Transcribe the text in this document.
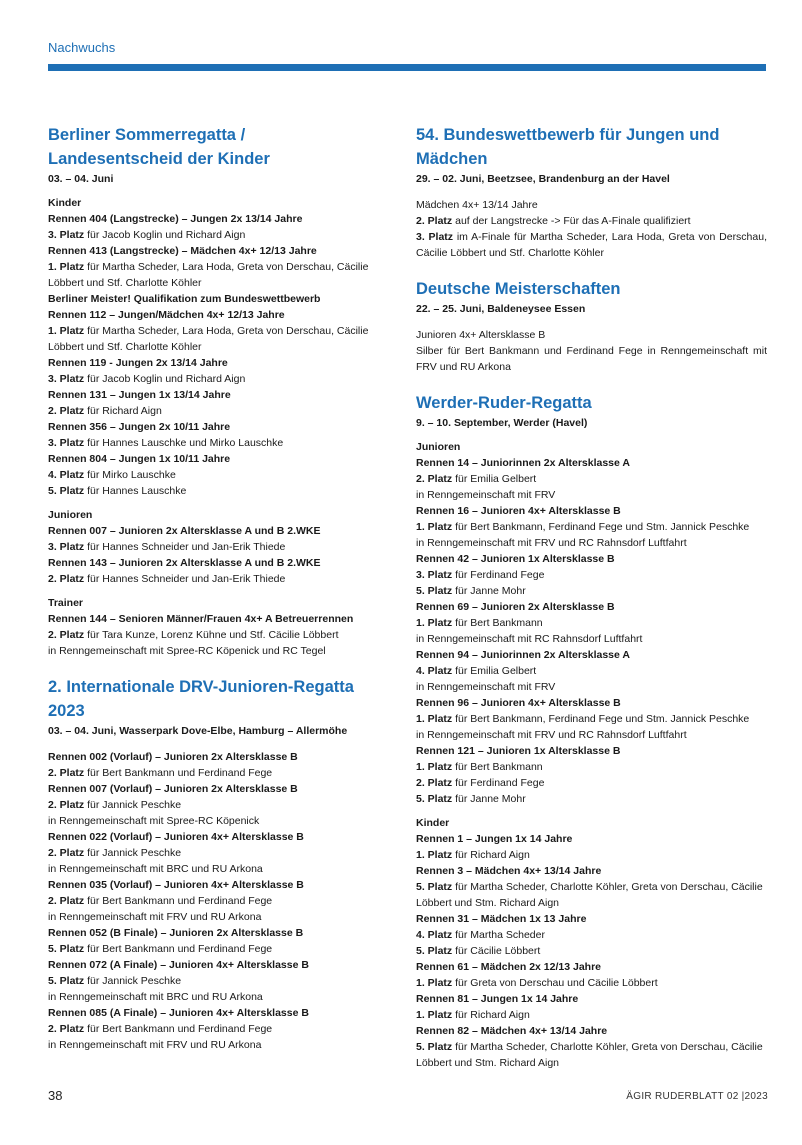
Nachwuchs
Berliner Sommerregatta / Landesentscheid der Kinder

03. – 04. Juni

Kinder

Rennen 404 (Langstrecke) – Jungen 2x 13/14 Jahre

3. Platz für Jacob Koglin und Richard Aign

Rennen 413 (Langstrecke) – Mädchen 4x+ 12/13 Jahre

1. Platz für Martha Scheder, Lara Hoda, Greta von Derschau, Cäcilie Löbbert und Stf. Charlotte Köhler

Berliner Meister! Qualifikation zum Bundeswettbewerb

Rennen 112 – Jungen/Mädchen 4x+ 12/13 Jahre

1. Platz für Martha Scheder, Lara Hoda, Greta von Derschau, Cäcilie Löbbert und Stf. Charlotte Köhler

Rennen 119 - Jungen 2x 13/14 Jahre

3. Platz für Jacob Koglin und Richard Aign

Rennen 131 – Jungen 1x 13/14 Jahre

2. Platz für Richard Aign

Rennen 356 – Jungen 2x 10/11 Jahre

3. Platz für Hannes Lauschke und Mirko Lauschke

Rennen 804 – Jungen 1x 10/11 Jahre

4. Platz für Mirko Lauschke

5. Platz für Hannes Lauschke

Junioren

Rennen 007 – Junioren 2x Altersklasse A und B 2.WKE

3. Platz für Hannes Schneider und Jan-Erik Thiede

Rennen 143 – Junioren 2x Altersklasse A und B 2.WKE

2. Platz für Hannes Schneider und Jan-Erik Thiede

Trainer

Rennen 144 – Senioren Männer/Frauen 4x+ A Betreuerrennen

2. Platz für Tara Kunze, Lorenz Kühne und Stf. Cäcilie Löbbert

in Renngemeinschaft mit Spree-RC Köpenick und RC Tegel

2. Internationale DRV-Junioren-Regatta 2023

03. – 04. Juni, Wasserpark Dove-Elbe, Hamburg – Allermöhe

Rennen 002 (Vorlauf) – Junioren 2x Altersklasse B

2. Platz für Bert Bankmann und Ferdinand Fege

Rennen 007 (Vorlauf) – Junioren 2x Altersklasse B

2. Platz für Jannick Peschke

in Renngemeinschaft mit Spree-RC Köpenick

Rennen 022 (Vorlauf) – Junioren 4x+ Altersklasse B

2. Platz für Jannick Peschke

in Renngemeinschaft mit BRC und RU Arkona

Rennen 035 (Vorlauf) – Junioren 4x+ Altersklasse B

2. Platz für Bert Bankmann und Ferdinand Fege

in Renngemeinschaft mit FRV und RU Arkona

Rennen 052 (B Finale) – Junioren 2x Altersklasse B

5. Platz für Bert Bankmann und Ferdinand Fege

Rennen 072 (A Finale) – Junioren 4x+ Altersklasse B

5. Platz für Jannick Peschke

in Renngemeinschaft mit BRC und RU Arkona

Rennen 085 (A Finale) – Junioren 4x+ Altersklasse B

2. Platz für Bert Bankmann und Ferdinand Fege

in Renngemeinschaft mit FRV und RU Arkona

54. Bundeswettbewerb für Jungen und Mädchen

29. – 02. Juni, Beetzsee, Brandenburg an der Havel

Mädchen 4x+ 13/14 Jahre

2. Platz auf der Langstrecke -> Für das A-Finale qualifiziert

3. Platz im A-Finale für Martha Scheder, Lara Hoda, Greta von Derschau, Cäcilie Löbbert und Stf. Charlotte Köhler

Deutsche Meisterschaften

22. – 25. Juni, Baldeneysee Essen

Junioren 4x+ Altersklasse B

Silber für Bert Bankmann und Ferdinand Fege in Renngemeinschaft mit FRV und RU Arkona

Werder-Ruder-Regatta

9. – 10. September, Werder (Havel)

Junioren

Rennen 14 – Juniorinnen 2x Altersklasse A

2. Platz für Emilia Gelbert

in Renngemeinschaft mit FRV

Rennen 16 – Junioren 4x+ Altersklasse B

1. Platz für Bert Bankmann, Ferdinand Fege und Stm. Jannick Peschke

in Renngemeinschaft mit FRV und RC Rahnsdorf Luftfahrt

Rennen 42 – Junioren 1x Altersklasse B

3. Platz für Ferdinand Fege

5. Platz für Janne Mohr

Rennen 69 – Junioren 2x Altersklasse B

1. Platz für Bert Bankmann

in Renngemeinschaft mit RC Rahnsdorf Luftfahrt

Rennen 94 – Juniorinnen 2x Altersklasse A

4. Platz für Emilia Gelbert

in Renngemeinschaft mit FRV

Rennen 96 – Junioren 4x+ Altersklasse B

1. Platz für Bert Bankmann, Ferdinand Fege und Stm. Jannick Peschke

in Renngemeinschaft mit FRV und RC Rahnsdorf Luftfahrt

Rennen 121 – Junioren 1x Altersklasse B

1. Platz für Bert Bankmann

2. Platz für Ferdinand Fege

5. Platz für Janne Mohr

Kinder

Rennen 1 – Jungen 1x 14 Jahre

1. Platz für Richard Aign

Rennen 3 – Mädchen 4x+ 13/14 Jahre

5. Platz für Martha Scheder, Charlotte Köhler, Greta von Derschau, Cäcilie Löbbert und Stm. Richard Aign

Rennen 31 – Mädchen 1x 13 Jahre

4. Platz für Martha Scheder

5. Platz für Cäcilie Löbbert

Rennen 61 – Mädchen 2x 12/13 Jahre

1. Platz für Greta von Derschau und Cäcilie Löbbert

Rennen 81 – Jungen 1x 14 Jahre

1. Platz für Richard Aign

Rennen 82 – Mädchen 4x+ 13/14 Jahre

5. Platz für Martha Scheder, Charlotte Köhler, Greta von Derschau, Cäcilie Löbbert und Stm. Richard Aign

38	ÄGIR RUDERBLATT 02 |2023
